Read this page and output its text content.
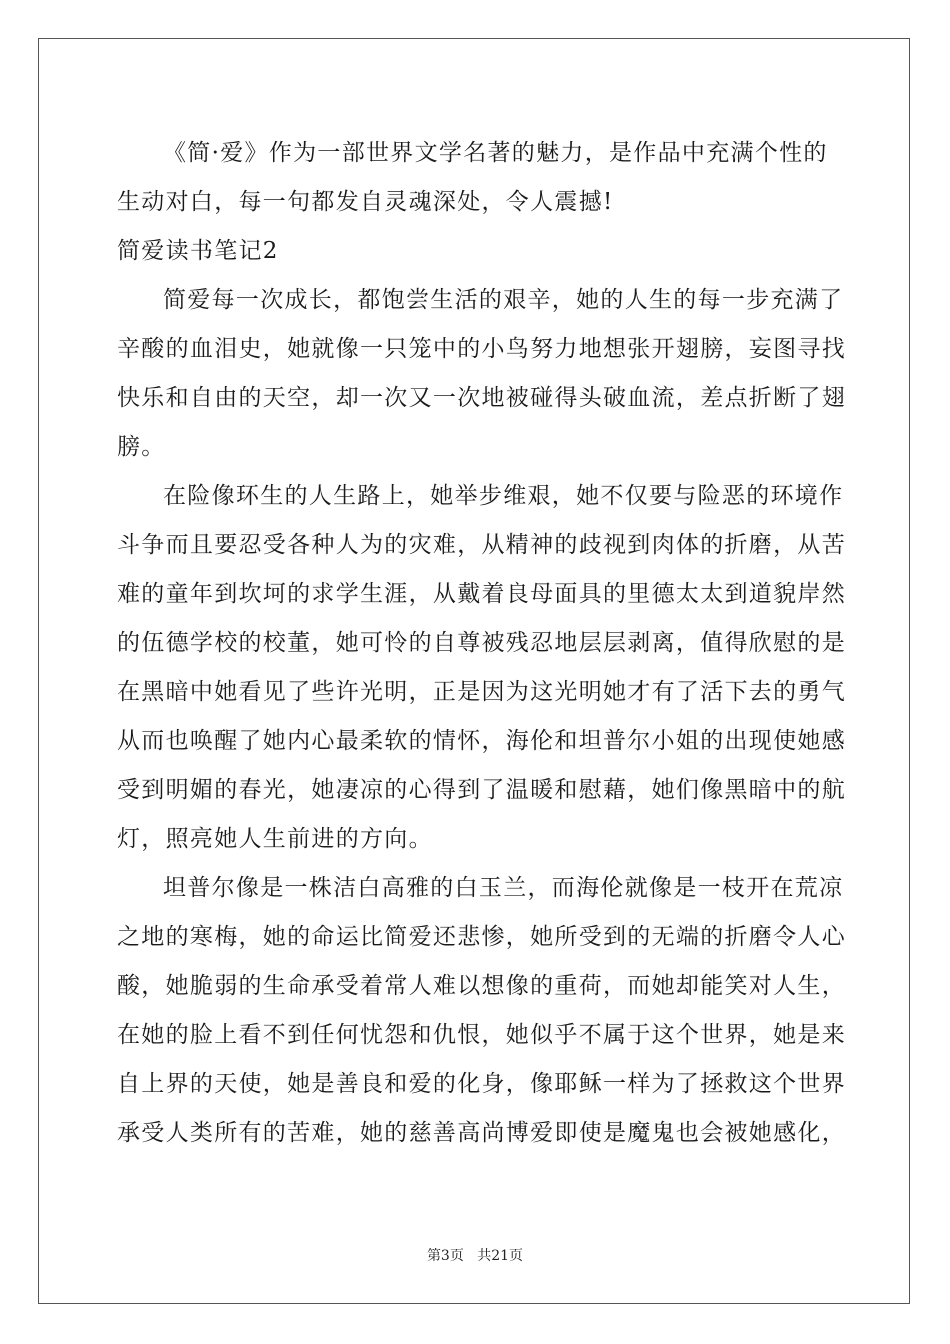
《简·爱》作为一部世界文学名著的魅力，是作品中充满个性的
生动对白，每一句都发自灵魂深处，令人震撼!
简爱读书笔记2
简爱每一次成长，都饱尝生活的艰辛，她的人生的每一步充满了
辛酸的血泪史，她就像一只笼中的小鸟努力地想张开翅膀，妄图寻找
快乐和自由的天空，却一次又一次地被碰得头破血流，差点折断了翅
膀。
在险像环生的人生路上，她举步维艰，她不仅要与险恶的环境作
斗争而且要忍受各种人为的灾难，从精神的歧视到肉体的折磨，从苦
难的童年到坎坷的求学生涯，从戴着良母面具的里德太太到道貌岸然
的伍德学校的校董，她可怜的自尊被残忍地层层剥离，值得欣慰的是
在黑暗中她看见了些许光明，正是因为这光明她才有了活下去的勇气
从而也唤醒了她内心最柔软的情怀，海伦和坦普尔小姐的出现使她感
受到明媚的春光，她凄凉的心得到了温暖和慰藉，她们像黑暗中的航
灯，照亮她人生前进的方向。
坦普尔像是一株洁白高雅的白玉兰，而海伦就像是一枝开在荒凉
之地的寒梅，她的命运比简爱还悲惨，她所受到的无端的折磨令人心
酸，她脆弱的生命承受着常人难以想像的重荷，而她却能笑对人生，
在她的脸上看不到任何忧怨和仇恨，她似乎不属于这个世界，她是来
自上界的天使，她是善良和爱的化身，像耶稣一样为了拯救这个世界
承受人类所有的苦难，她的慈善高尚博爱即使是魔鬼也会被她感化，
第3页 共21页
